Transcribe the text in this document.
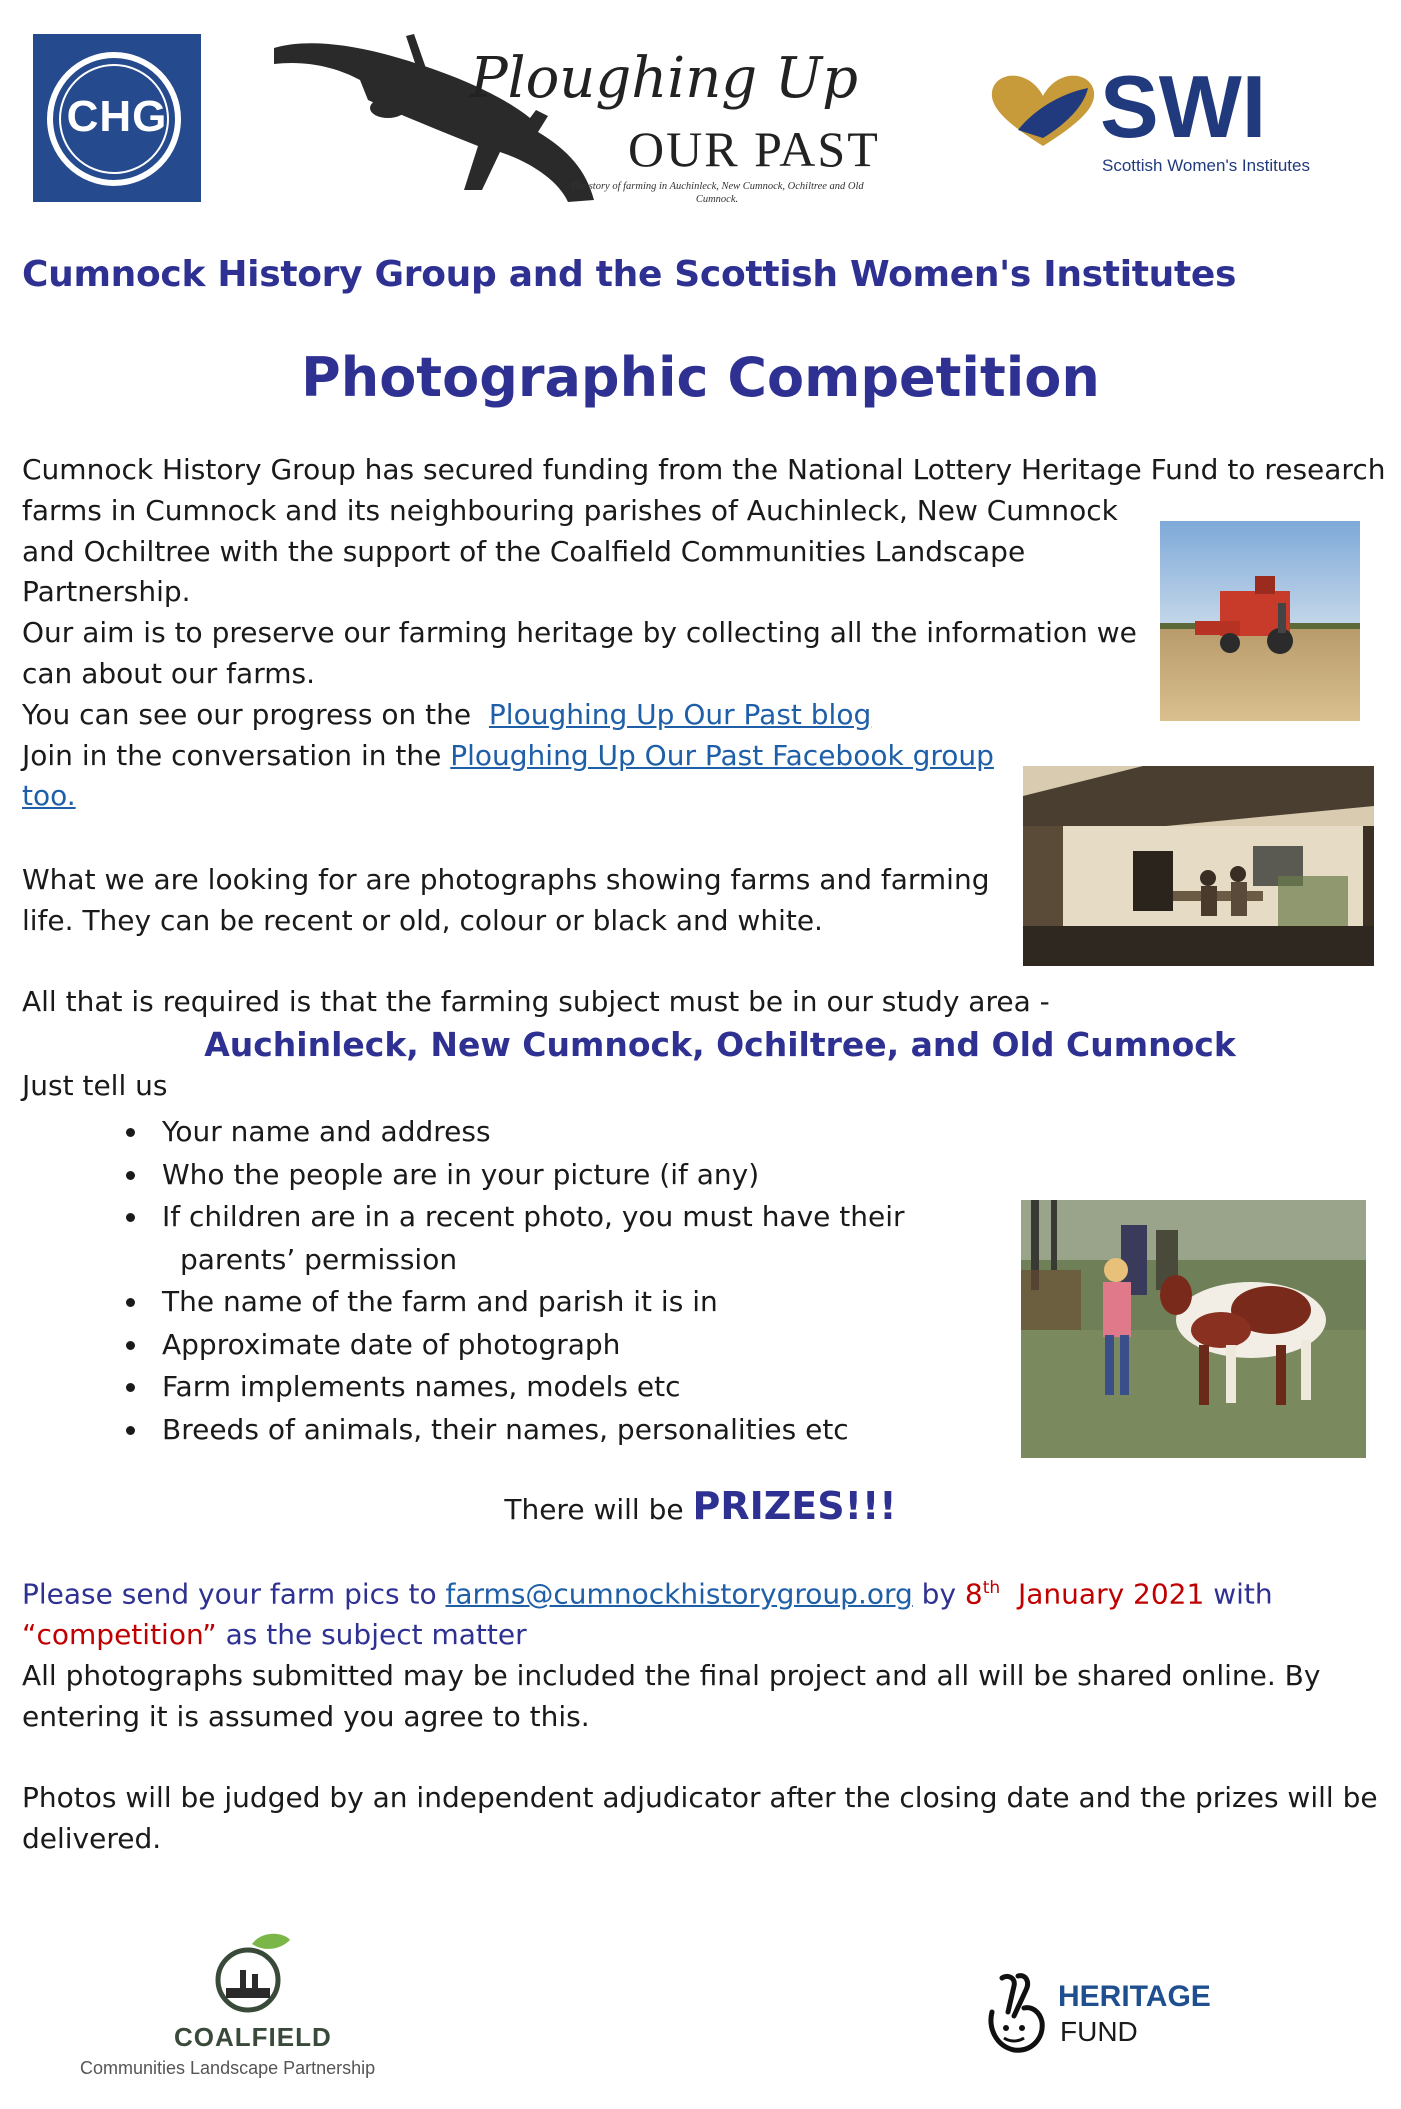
CHG
Ploughing Up
OUR PAST
The story of farming in Auchinleck, New Cumnock, Ochiltree and Old Cumnock.
SWI
Scottish Women's Institutes
Cumnock History Group and the Scottish Women's Institutes
Photographic Competition
Cumnock History Group has secured funding from the National Lottery Heritage Fund to research
farms in Cumnock and its neighbouring parishes of Auchinleck, New Cumnock
and Ochiltree with the support of the Coalfield Communities Landscape
Partnership.
Our aim is to preserve our farming heritage by collecting all the information we
can about our farms.
You can see our progress on the  Ploughing Up Our Past blog
Join in the conversation in the Ploughing Up Our Past Facebook group
too.
What we are looking for are photographs showing farms and farming
life. They can be recent or old, colour or black and white.
All that is required is that the farming subject must be in our study area -
Auchinleck, New Cumnock, Ochiltree, and Old Cumnock
Just tell us
Your name and address
Who the people are in your picture (if any)
If children are in a recent photo, you must have their
parents’ permission
The name of the farm and parish it is in
Approximate date of photograph
Farm implements names, models etc
Breeds of animals, their names, personalities etc
There will be PRIZES!!!
Please send your farm pics to farms@cumnockhistorygroup.org by 8th  January 2021 with
“competition” as the subject matter
All photographs submitted may be included the final project and all will be shared online. By
entering it is assumed you agree to this.
Photos will be judged by an independent adjudicator after the closing date and the prizes will be
delivered.
COALFIELD
Communities Landscape Partnership
HERITAGE
FUND
